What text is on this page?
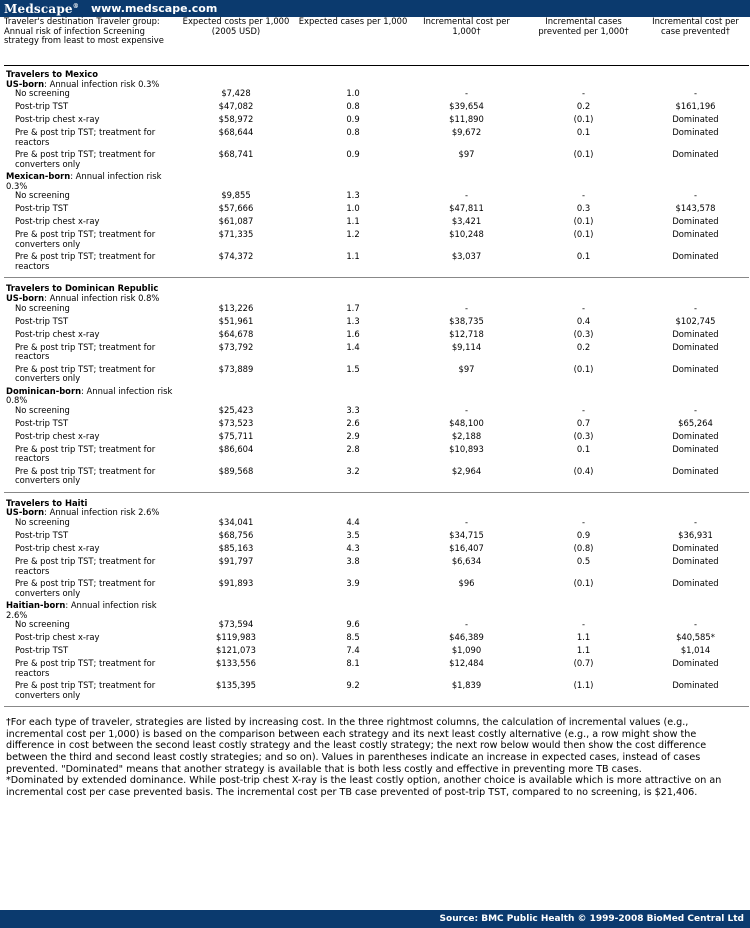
Medscape® www.medscape.com
Traveler's destination Traveler group: Annual risk of infection Screening strategy from least to most expensive	Expected costs per 1,000 (2005 USD)	Expected cases per 1,000	Incremental cost per 1,000†	Incremental cases prevented per 1,000†	Incremental cost per case prevented†
Travelers to Mexico					
US-born: Annual infection risk 0.3%					
No screening	$7,428	1.0	-	-	-
Post-trip TST	$47,082	0.8	$39,654	0.2	$161,196
Post-trip chest x-ray	$58,972	0.9	$11,890	(0.1)	Dominated
Pre & post trip TST; treatment for reactors	$68,644	0.8	$9,672	0.1	Dominated
Pre & post trip TST; treatment for converters only	$68,741	0.9	$97	(0.1)	Dominated
Mexican-born: Annual infection risk 0.3%					
No screening	$9,855	1.3	-	-	-
Post-trip TST	$57,666	1.0	$47,811	0.3	$143,578
Post-trip chest x-ray	$61,087	1.1	$3,421	(0.1)	Dominated
Pre & post trip TST; treatment for converters only	$71,335	1.2	$10,248	(0.1)	Dominated
Pre & post trip TST; treatment for reactors	$74,372	1.1	$3,037	0.1	Dominated

Travelers to Dominican Republic					
US-born: Annual infection risk 0.8%					
No screening	$13,226	1.7	-	-	-
Post-trip TST	$51,961	1.3	$38,735	0.4	$102,745
Post-trip chest x-ray	$64,678	1.6	$12,718	(0.3)	Dominated
Pre & post trip TST; treatment for reactors	$73,792	1.4	$9,114	0.2	Dominated
Pre & post trip TST; treatment for converters only	$73,889	1.5	$97	(0.1)	Dominated
Dominican-born: Annual infection risk 0.8%					
No screening	$25,423	3.3	-	-	-
Post-trip TST	$73,523	2.6	$48,100	0.7	$65,264
Post-trip chest x-ray	$75,711	2.9	$2,188	(0.3)	Dominated
Pre & post trip TST; treatment for reactors	$86,604	2.8	$10,893	0.1	Dominated
Pre & post trip TST; treatment for converters only	$89,568	3.2	$2,964	(0.4)	Dominated

Travelers to Haiti					
US-born: Annual infection risk 2.6%					
No screening	$34,041	4.4	-	-	-
Post-trip TST	$68,756	3.5	$34,715	0.9	$36,931
Post-trip chest x-ray	$85,163	4.3	$16,407	(0.8)	Dominated
Pre & post trip TST; treatment for reactors	$91,797	3.8	$6,634	0.5	Dominated
Pre & post trip TST; treatment for converters only	$91,893	3.9	$96	(0.1)	Dominated
Haitian-born: Annual infection risk 2.6%					
No screening	$73,594	9.6	-	-	-
Post-trip chest x-ray	$119,983	8.5	$46,389	1.1	$40,585*
Post-trip TST	$121,073	7.4	$1,090	1.1	$1,014
Pre & post trip TST; treatment for reactors	$133,556	8.1	$12,484	(0.7)	Dominated
Pre & post trip TST; treatment for converters only	$135,395	9.2	$1,839	(1.1)	Dominated

†For each type of traveler, strategies are listed by increasing cost. In the three rightmost columns, the calculation of incremental values (e.g., incremental cost per 1,000) is based on the comparison between each strategy and its next least costly alternative (e.g., a row might show the difference in cost between the second least costly strategy and the least costly strategy; the next row below would then show the cost difference between the third and second least costly strategies; and so on). Values in parentheses indicate an increase in expected cases, instead of cases prevented. "Dominated" means that another strategy is available that is both less costly and effective in preventing more TB cases.

*Dominated by extended dominance. While post-trip chest X-ray is the least costly option, another choice is available which is more attractive on an incremental cost per case prevented basis. The incremental cost per TB case prevented of post-trip TST, compared to no screening, is $21,406.

Source: BMC Public Health © 1999-2008 BioMed Central Ltd
